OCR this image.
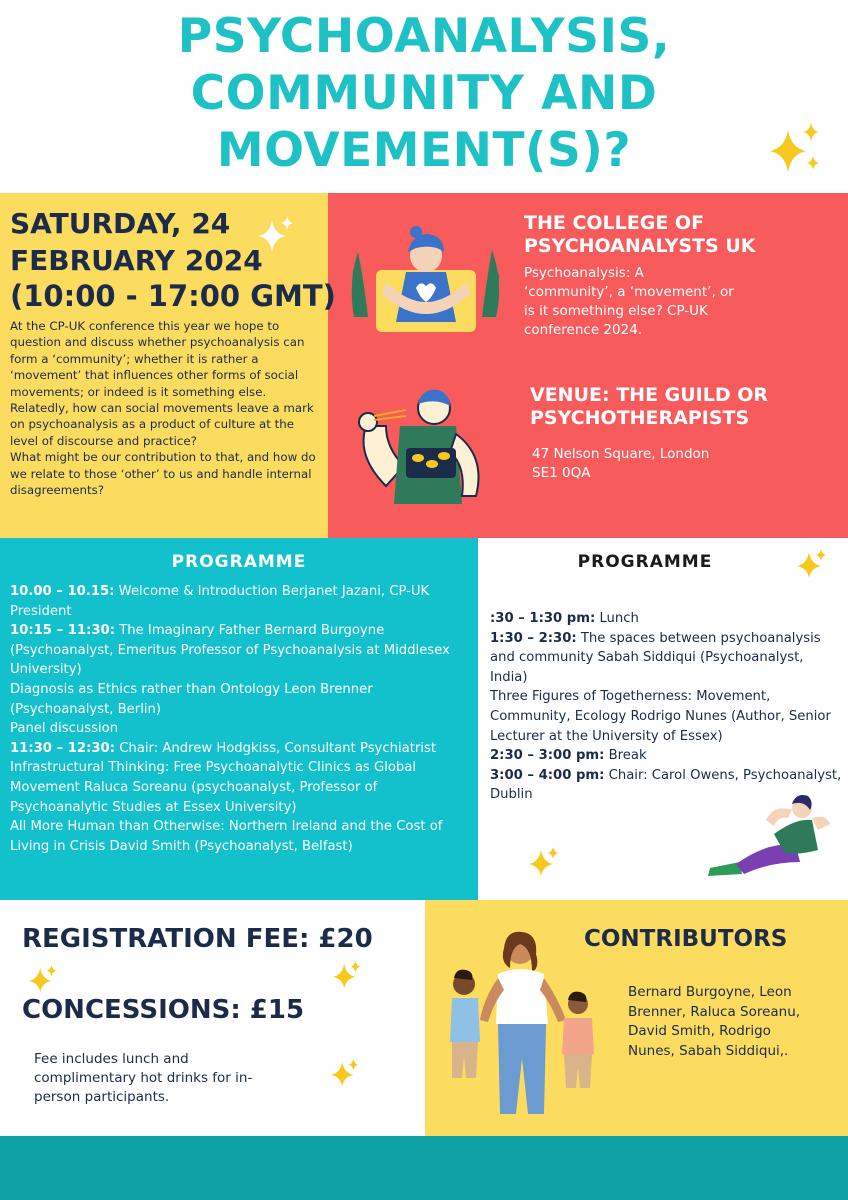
PSYCHOANALYSIS,
COMMUNITY AND
MOVEMENT(S)?
SATURDAY, 24 FEBRUARY 2024
(10:00 - 17:00 GMT)

At the CP-UK conference this year we hope to question and discuss whether psychoanalysis can form a ‘community’; whether it is rather a ‘movement’ that influences other forms of social movements; or indeed is it something else.

Relatedly, how can social movements leave a mark on psychoanalysis as a product of culture at the level of discourse and practice?

What might be our contribution to that, and how do we relate to those ‘other’ to us and handle internal disagreements?

THE COLLEGE OF PSYCHOANALYSTS UK
Psychoanalysis: A ‘community’, a ‘movement’, or is it something else? CP-UK conference 2024.
VENUE: THE GUILD OR PSYCHOTHERAPISTS
47 Nelson Square, London SE1 0QA
PROGRAMME

10.00 – 10.15: Welcome & Introduction Berjanet Jazani, CP-UK President

10:15 – 11:30: The Imaginary Father Bernard Burgoyne (Psychoanalyst, Emeritus Professor of Psychoanalysis at Middlesex University)

Diagnosis as Ethics rather than Ontology Leon Brenner (Psychoanalyst, Berlin)

Panel discussion

11:30 – 12:30: Chair: Andrew Hodgkiss, Consultant Psychiatrist

Infrastructural Thinking: Free Psychoanalytic Clinics as Global Movement Raluca Soreanu (psychoanalyst, Professor of Psychoanalytic Studies at Essex University)

All More Human than Otherwise: Northern Ireland and the Cost of Living in Crisis David Smith (Psychoanalyst, Belfast)

PROGRAMME

:30 – 1:30 pm: Lunch

1:30 – 2:30: The spaces between psychoanalysis and community Sabah Siddiqui (Psychoanalyst, India)

Three Figures of Togetherness: Movement, Community, Ecology Rodrigo Nunes (Author, Senior Lecturer at the University of Essex)

2:30 – 3:00 pm: Break

3:00 – 4:00 pm: Chair: Carol Owens, Psychoanalyst, Dublin

REGISTRATION FEE: £20
CONCESSIONS: £15
Fee includes lunch and complimentary hot drinks for in-person participants.
CONTRIBUTORS
Bernard Burgoyne, Leon Brenner, Raluca Soreanu, David Smith, Rodrigo Nunes, Sabah Siddiqui,.
